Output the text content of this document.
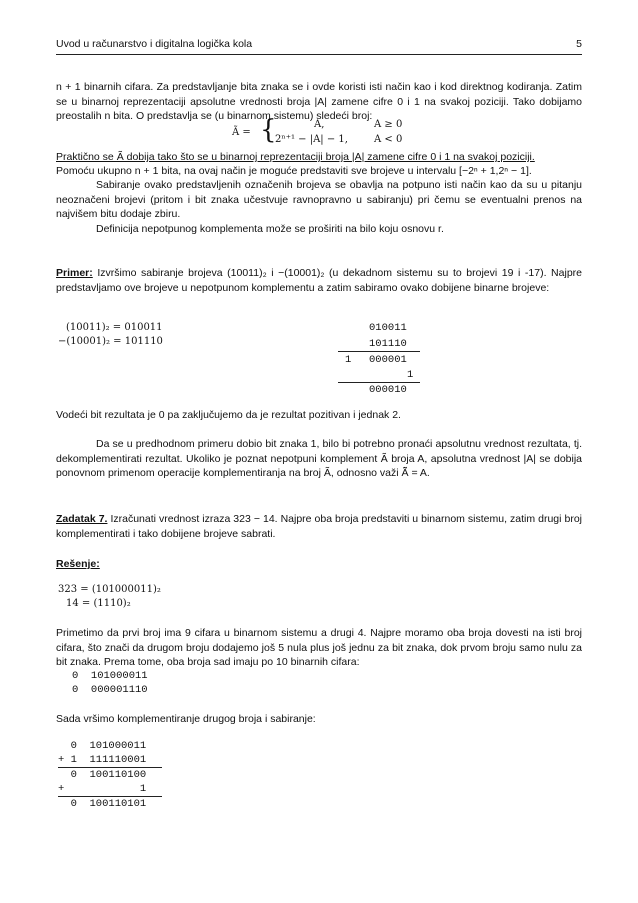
Uvod u računarstvo i digitalna logička kola	5

n + 1 binarnih cifara. Za predstavljanje bita znaka se i ovde koristi isti način kao i kod direktnog kodiranja. Zatim se u binarnoj reprezentaciji apsolutne vrednosti broja |A| zamene cifre 0 i 1 na svakoj poziciji. Tako dobijamo preostalih n bita. O predstavlja se (u binarnom sistemu) sledeći broj:

Ã = {	A,	A ≥ 0
2ⁿ⁺¹ − |A| − 1,	A < 0

Praktično se Ã dobija tako što se u binarnoj reprezentaciji broja |A| zamene cifre 0 i 1 na svakoj poziciji.

Pomoću ukupno n + 1 bita, na ovaj način je moguće predstaviti sve brojeve u intervalu [−2ⁿ + 1,2ⁿ − 1].

Sabiranje ovako predstavljenih označenih brojeva se obavlja na potpuno isti način kao da su u pitanju neoznačeni brojevi (pritom i bit znaka učestvuje ravnopravno u sabiranju) pri čemu se eventualni prenos na najvišem bitu dodaje zbiru.

Definicija nepotpunog komplementa može se proširiti na bilo koju osnovu r.

Primer: Izvršimo sabiranje brojeva (10011)₂ i −(10001)₂ (u dekadnom sistemu su to brojevi 19 i -17). Najpre predstavljamo ove brojeve u nepotpunom komplementu a zatim sabiramo ovako dobijene binarne brojeve:

(10011)₂ = 010011
−(10001)₂ = 101110
010011
101110
1 000001
1
000010

Vodeći bit rezultata je 0 pa zaključujemo da je rezultat pozitivan i jednak 2.

Da se u predhodnom primeru dobio bit znaka 1, bilo bi potrebno pronaći apsolutnu vrednost rezultata, tj. dekomplementirati rezultat. Ukoliko je poznat nepotpuni komplement Ã broja A, apsolutna vrednost |A| se dobija ponovnom primenom operacije komplementiranja na broj Ã, odnosno važi Ã̃ = A.

Zadatak 7. Izračunati vrednost izraza 323 − 14. Najpre oba broja predstaviti u binarnom sistemu, zatim drugi broj komplementirati i tako dobijene brojeve sabrati.

Rešenje:

323 = (101000011)₂
14 = (1110)₂

Primetimo da prvi broj ima 9 cifara u binarnom sistemu a drugi 4. Najpre moramo oba broja dovesti na isti broj cifara, što znači da drugom broju dodajemo još 5 nula plus još jednu za bit znaka, dok prvom broju samo nulu za bit znaka. Prema tome, oba broja sad imaju po 10 binarnih cifara:

0  101000011
0  000001110

Sada vršimo komplementiranje drugog broja i sabiranje:

0  101000011
+ 1  111110001
0  100110100
+            1
0  100110101
